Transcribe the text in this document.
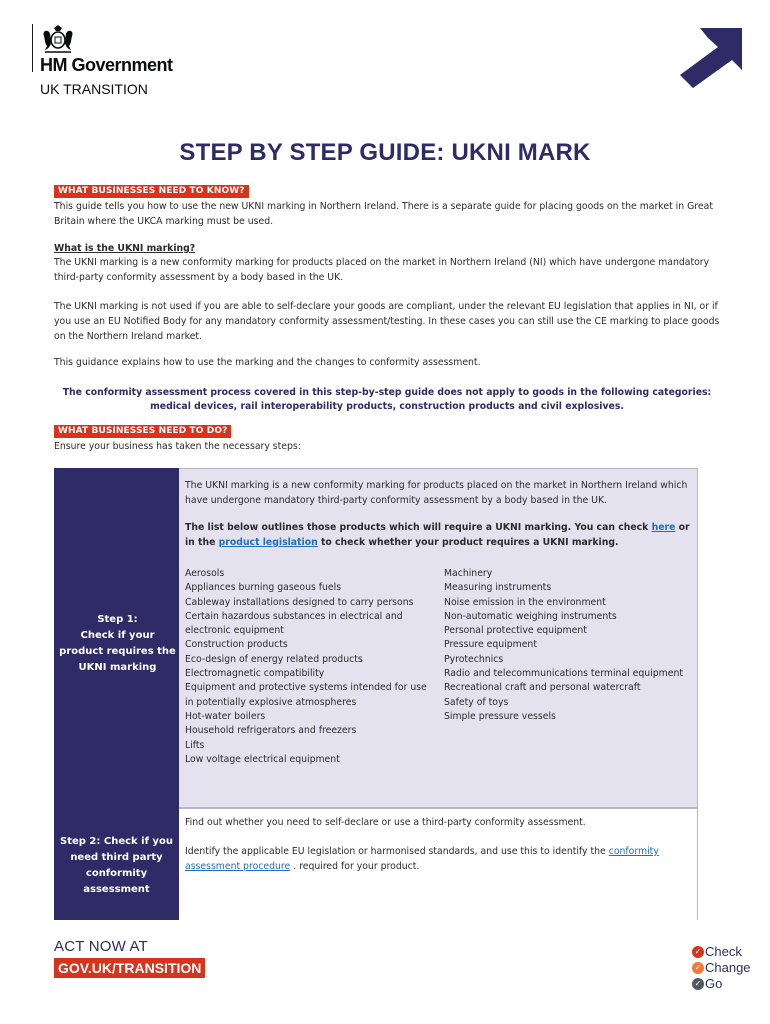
HM Government
UK TRANSITION
STEP BY STEP GUIDE: UKNI MARK
WHAT BUSINESSES NEED TO KNOW?
This guide tells you how to use the new UKNI marking in Northern Ireland. There is a separate guide for placing goods on the market in Great Britain where the UKCA marking must be used.
What is the UKNI marking?
The UKNI marking is a new conformity marking for products placed on the market in Northern Ireland (NI) which have undergone mandatory third-party conformity assessment by a body based in the UK.
The UKNI marking is not used if you are able to self-declare your goods are compliant, under the relevant EU legislation that applies in NI, or if you use an EU Notified Body for any mandatory conformity assessment/testing. In these cases you can still use the CE marking to place goods on the Northern Ireland market.
This guidance explains how to use the marking and the changes to conformity assessment.
The conformity assessment process covered in this step-by-step guide does not apply to goods in the following categories: medical devices, rail interoperability products, construction products and civil explosives.
WHAT BUSINESSES NEED TO DO?
Ensure your business has taken the necessary steps:
Step 1:
Check if your
product requires the
UKNI marking
The UKNI marking is a new conformity marking for products placed on the market in Northern Ireland which have undergone mandatory third-party conformity assessment by a body based in the UK.
The list below outlines those products which will require a UKNI marking. You can check here or in the product legislation to check whether your product requires a UKNI marking.
Aerosols
Appliances burning gaseous fuels
Cableway installations designed to carry persons
Certain hazardous substances in electrical and
electronic equipment
Construction products
Eco-design of energy related products
Electromagnetic compatibility
Equipment and protective systems intended for use
in potentially explosive atmospheres
Hot-water boilers
Household refrigerators and freezers
Lifts
Low voltage electrical equipment
Machinery
Measuring instruments
Noise emission in the environment
Non-automatic weighing instruments
Personal protective equipment
Pressure equipment
Pyrotechnics
Radio and telecommunications terminal equipment
Recreational craft and personal watercraft
Safety of toys
Simple pressure vessels
Step 2: Check if you
need third party
conformity
assessment
Find out whether you need to self-declare or use a third-party conformity assessment.
Identify the applicable EU legislation or harmonised standards, and use this to identify the conformity assessment procedure . required for your product.
ACT NOW AT
GOV.UK/TRANSITION
✓ Check
✓ Change
✓ Go
